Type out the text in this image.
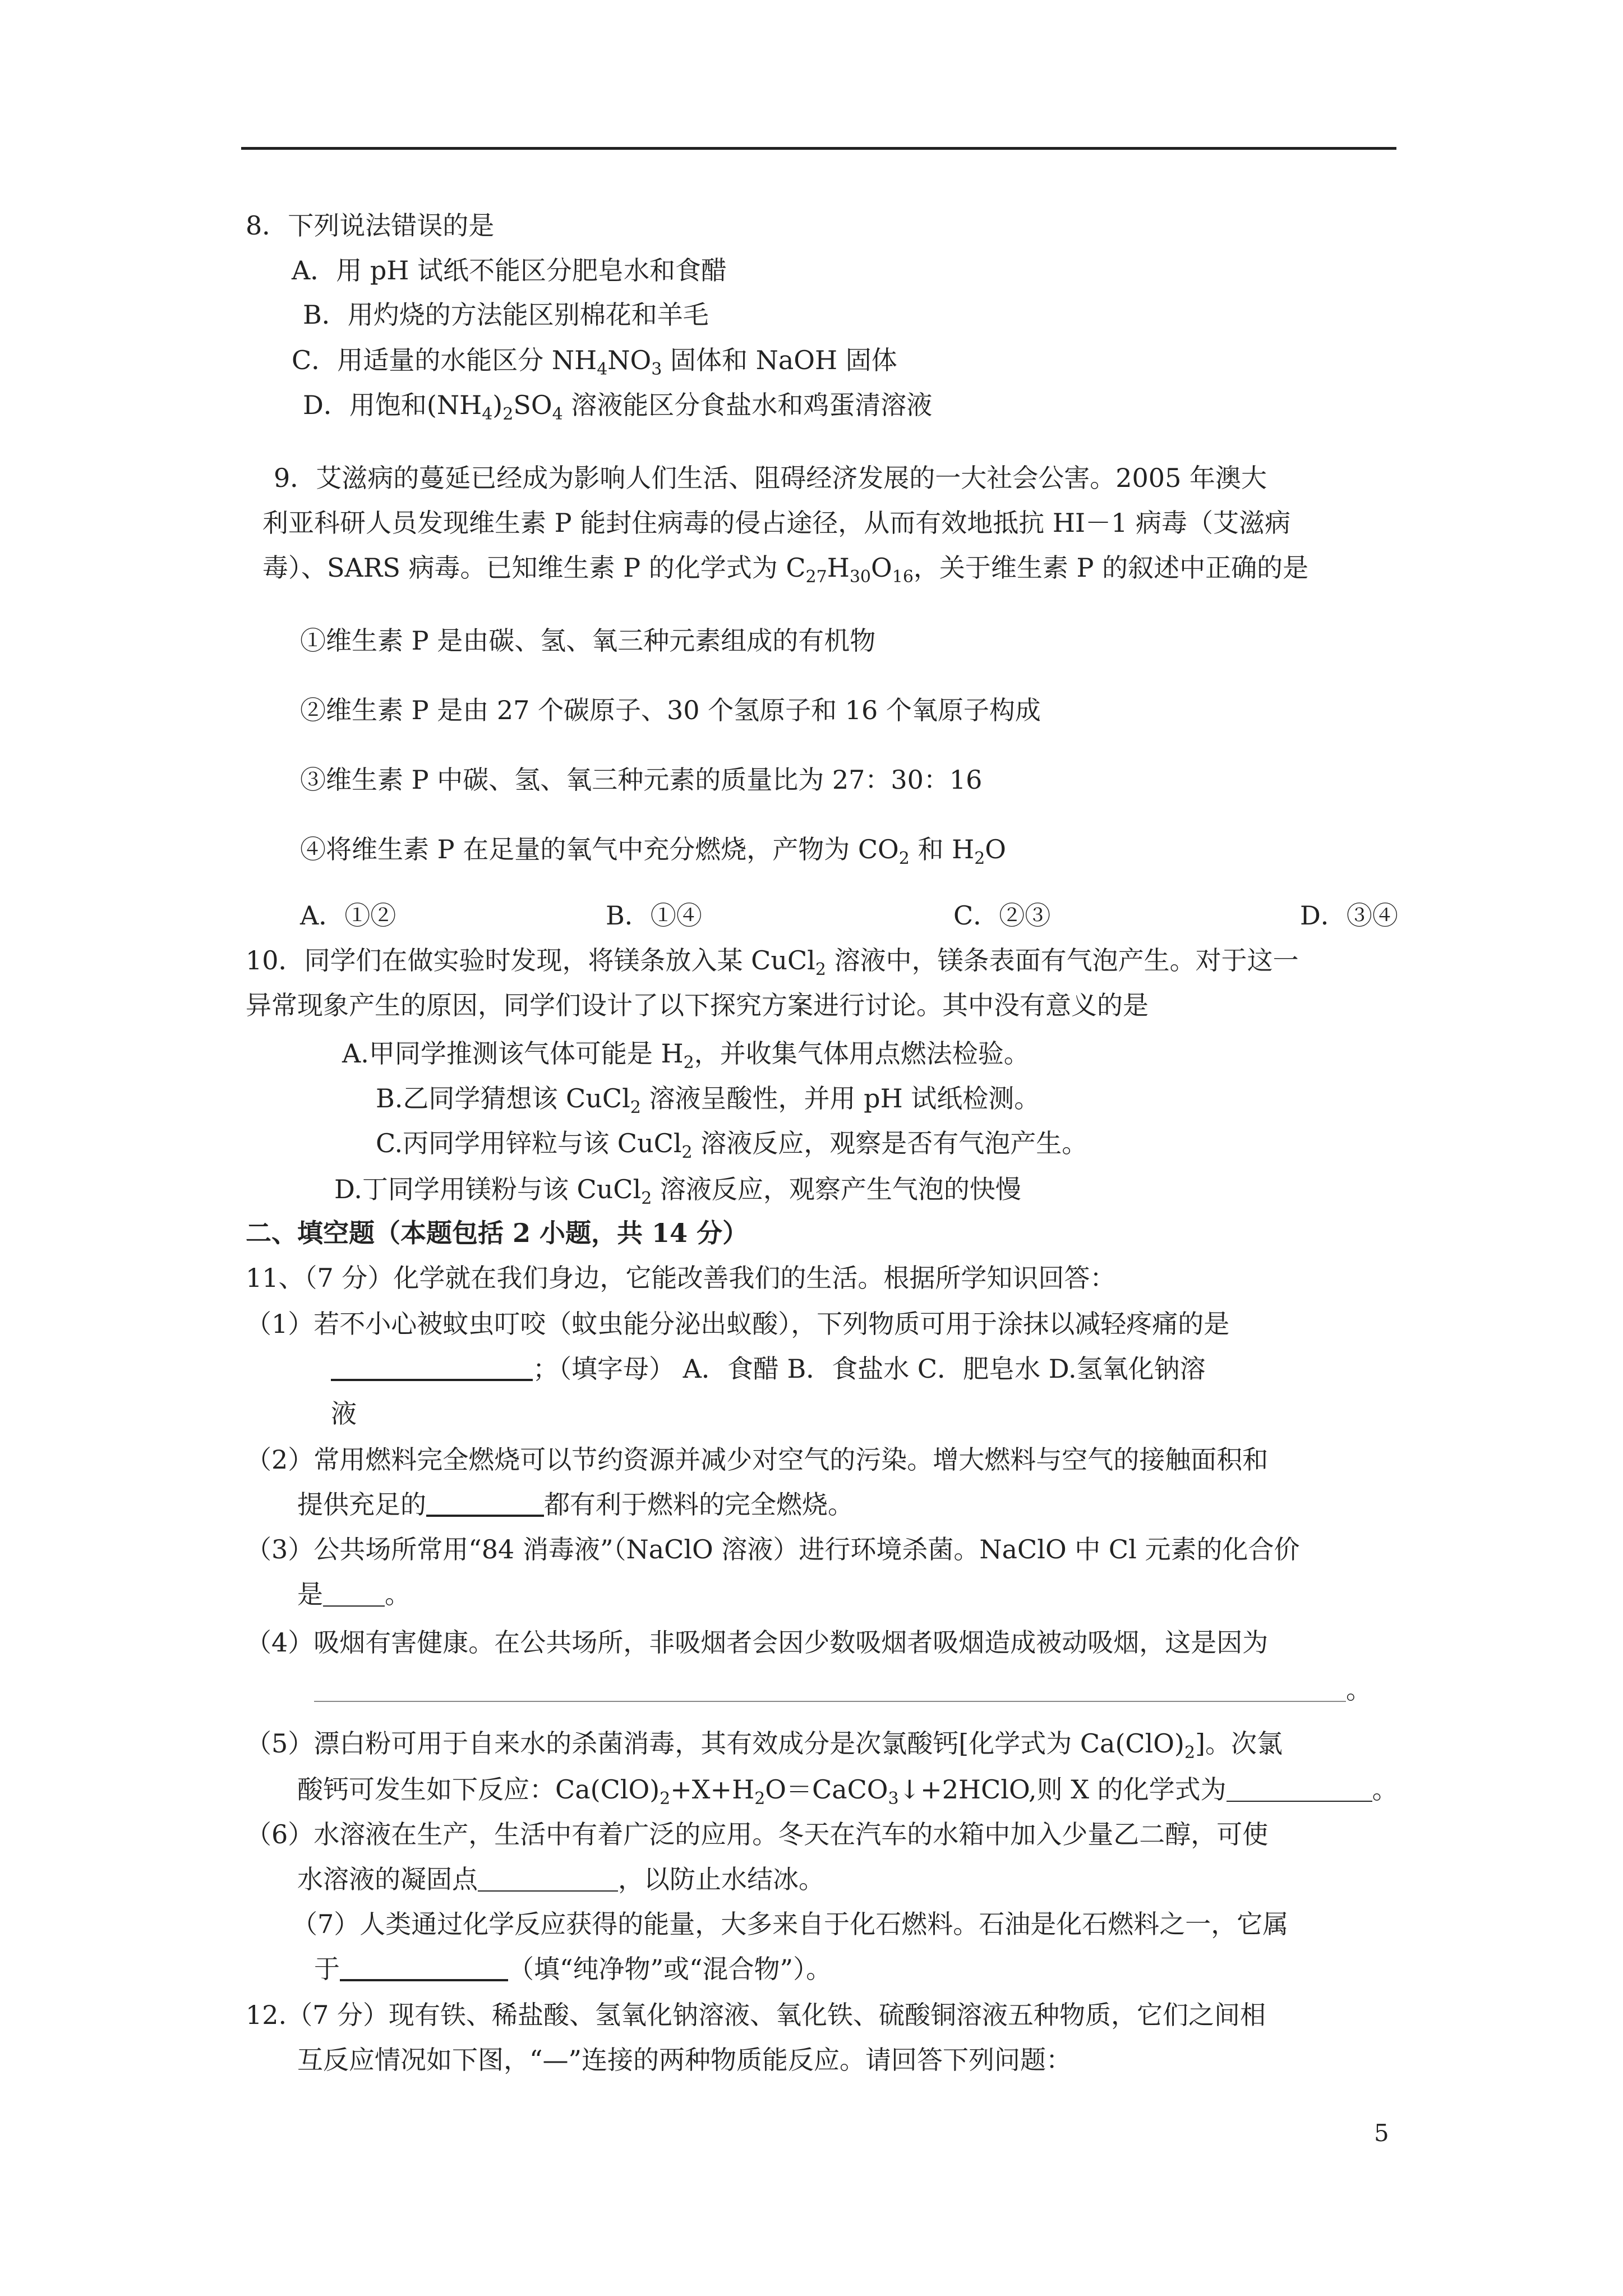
8．下列说法错误的是
A．用 pH 试纸不能区分肥皂水和食醋
B．用灼烧的方法能区别棉花和羊毛
C．用适量的水能区分 $NH_4NO_3$ 固体和 NaOH 固体
D．用饱和$(NH_4)_2SO_4$ 溶液能区分食盐水和鸡蛋清溶液
9．艾滋病的蔓延已经成为影响人们生活、阻碍经济发展的一大社会公害。2005 年澳大
利亚科研人员发现维生素 P 能封住病毒的侵占途径，从而有效地抵抗 HI－1 病毒（艾滋病
毒）、SARS 病毒。已知维生素 P 的化学式为 $C_{27}H_{30}O_{16}$，关于维生素 P 的叙述中正确的是
①维生素 P 是由碳、氢、氧三种元素组成的有机物
②维生素 P 是由 27 个碳原子、30 个氢原子和 16 个氧原子构成
③维生素 P 中碳、氢、氧三种元素的质量比为 27：30：16
④将维生素 P 在足量的氧气中充分燃烧，产物为 $CO_2$ 和 $H_2O$
A．①②	B．①④	C．②③	D．③④
10．同学们在做实验时发现，将镁条放入某 CuCl$_2$ 溶液中，镁条表面有气泡产生。对于这一
异常现象产生的原因，同学们设计了以下探究方案进行讨论。其中没有意义的是
A.甲同学推测该气体可能是 $H_2$，并收集气体用点燃法检验。
B.乙同学猜想该 CuCl$_2$ 溶液呈酸性，并用 pH 试纸检测。
C.丙同学用锌粒与该 CuCl$_2$ 溶液反应，观察是否有气泡产生。
D.丁同学用镁粉与该 CuCl$_2$ 溶液反应，观察产生气泡的快慢
二、填空题（本题包括 2 小题，共 14 分）
11、（7 分）化学就在我们身边，它能改善我们的生活。根据所学知识回答：
（1）若不小心被蚊虫叮咬（蚊虫能分泌出蚁酸），下列物质可用于涂抹以减轻疼痛的是
；（填字母） A．食醋 B．食盐水 C．肥皂水 D.氢氧化钠溶
液
（2）常用燃料完全燃烧可以节约资源并减少对空气的污染。增大燃料与空气的接触面积和
提供充足的	都有利于燃料的完全燃烧。
（3）公共场所常用“84 消毒液”（NaClO 溶液）进行环境杀菌。NaClO 中 Cl 元素的化合价
是 。
（4）吸烟有害健康。在公共场所，非吸烟者会因少数吸烟者吸烟造成被动吸烟，这是因为
。
（5）漂白粉可用于自来水的杀菌消毒，其有效成分是次氯酸钙[化学式为 $Ca(ClO)_2$]。次氯
酸钙可发生如下反应：$Ca(ClO)_2+X+H_2O=CaCO_3↓+2HClO$,则 X 的化学式为	。
（6）水溶液在生产，生活中有着广泛的应用。冬天在汽车的水箱中加入少量乙二醇，可使
水溶液的凝固点	，以防止水结冰。
（7）人类通过化学反应获得的能量，大多来自于化石燃料。石油是化石燃料之一，它属
于	（填“纯净物”或“混合物”）。
12.（7 分）现有铁、稀盐酸、氢氧化钠溶液、氧化铁、硫酸铜溶液五种物质，它们之间相
互反应情况如下图，“—”连接的两种物质能反应。请回答下列问题：
5
